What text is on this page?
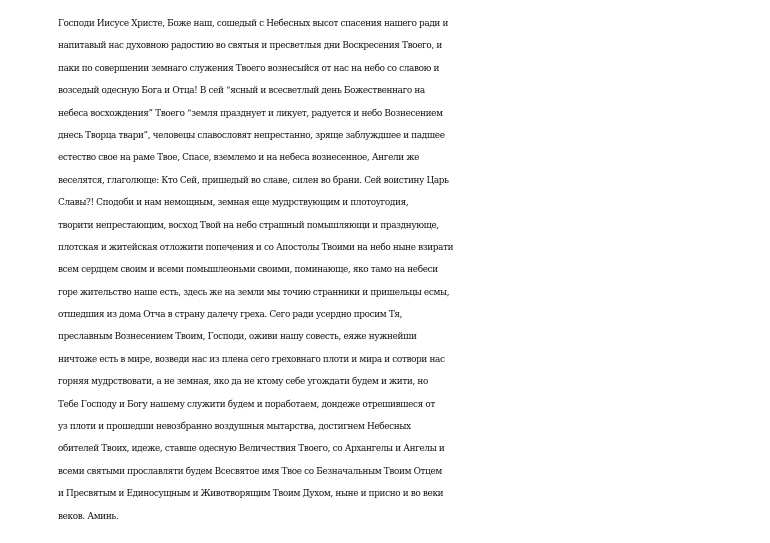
Господи Иисусе Христе, Боже наш, сошедый с Небесных высот спасения нашего ради и
напитавый нас духовною радостию во святыя и пресветлыя дни Воскресения Твоего, и
паки по совершении земнаго служения Твоего вознесыйся от нас на небо со славою и
возседый одесную Бога и Отца! В сей “ясный и всесветлый день Божественнаго на
небеса восхождения” Твоего “земля празднует и ликует, радуется и небо Вознесением
днесь Творца твари”, человецы славословят непрестанно, зряще заблуждшее и падшее
естество свое на раме Твое, Спасе, вземлемо и на небеса вознесенное, Ангели же
веселятся, глаголюще: Кто Сей, пришедый во славе, силен во брани. Сей воистину Царь
Славы?! Сподоби и нам немощным, земная еще мудрствующим и плотоугодия,
творити непрестающим, восход Твой на небо страшный помышляющи и празднующе,
плотская и житейская отложити попечения и со Апостолы Твоими на небо ныне взирати
всем сердцем своим и всеми помышлеоньми своими, поминающе, яко тамо на небеси
горе жительство наше есть, здесь же на земли мы точию странники и пришельцы есмы,
отшедшия из дома Отча в страну далечу греха. Сего ради усердно просим Тя,
преславным Вознесением Твоим, Господи, оживи нашу совесть, еяже нужнейши
ничтоже есть в мире, возведи нас из плена сего греховнаго плоти и мира и сотвори нас
горняя мудрствовати, а не земная, яко да не ктому себе угождати будем и жити, но
Тебе Господу и Богу нашему служити будем и поработаем, дондеже отрешившеся от
уз плоти и прошедши невозбранно воздушныя мытарства, достигнем Небесных
обителей Твоих, идеже, ставше одесную Величествия Твоего, со Архангелы и Ангелы и
всеми святыми прославляти будем Всесвятое имя Твое со Безначальным Твоим Отцем
и Пресвятым и Единосущным и Животворящим Твоим Духом, ныне и присно и во веки
веков. Аминь.
